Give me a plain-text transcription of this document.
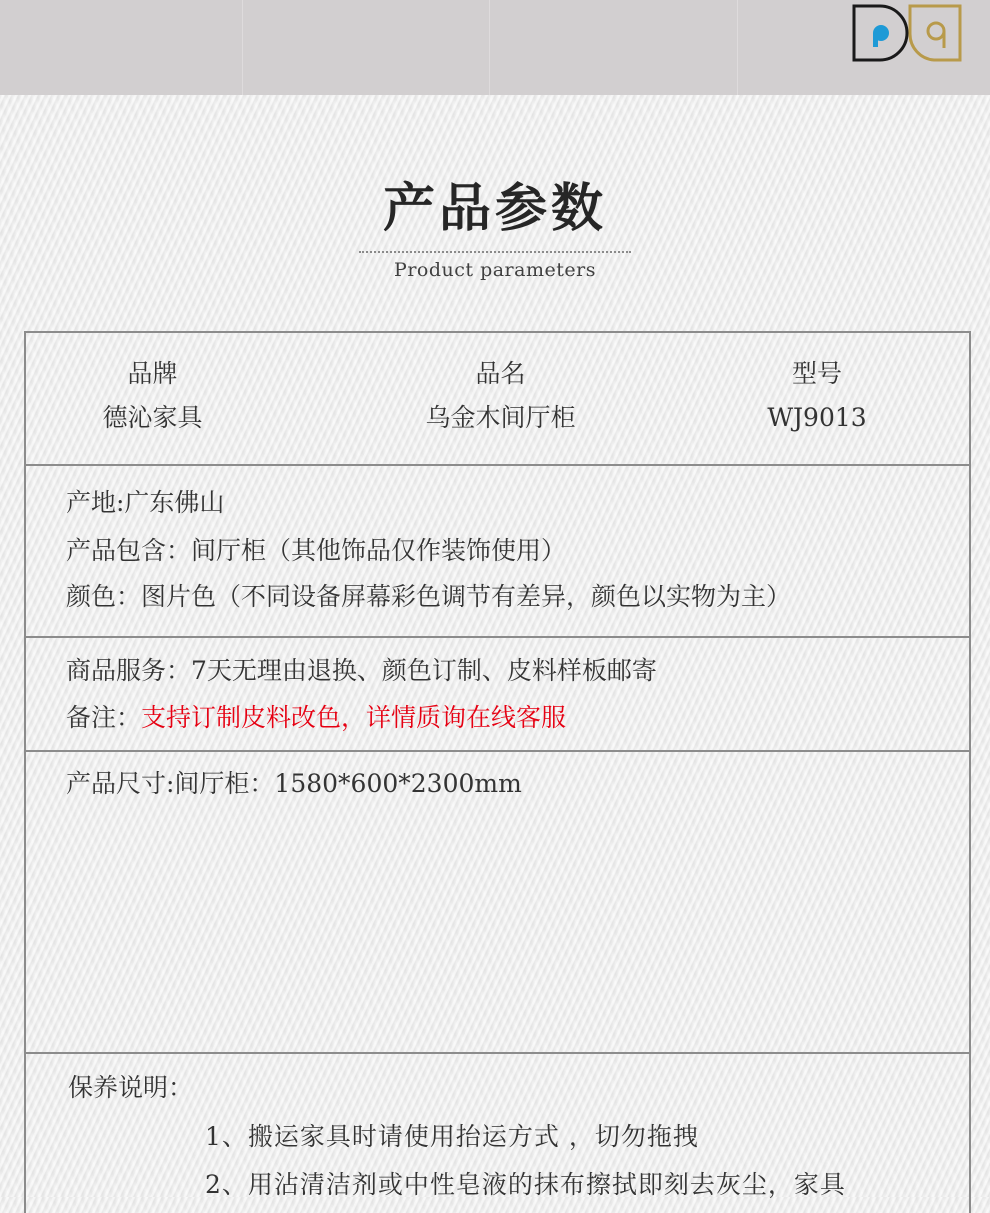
产品参数
Product parameters
品牌
德沁家具
品名
乌金木间厅柜
型号
WJ9013
产地:广东佛山
产品包含：间厅柜（其他饰品仅作装饰使用）
颜色：图片色（不同设备屏幕彩色调节有差异，颜色以实物为主）
商品服务：7天无理由退换、颜色订制、皮料样板邮寄
备注：支持订制皮料改色，详情质询在线客服
产品尺寸:间厅柜：1580*600*2300mm
保养说明：
1、搬运家具时请使用抬运方式 ，切勿拖拽
2、用沾清洁剂或中性皂液的抹布擦拭即刻去灰尘，家具
